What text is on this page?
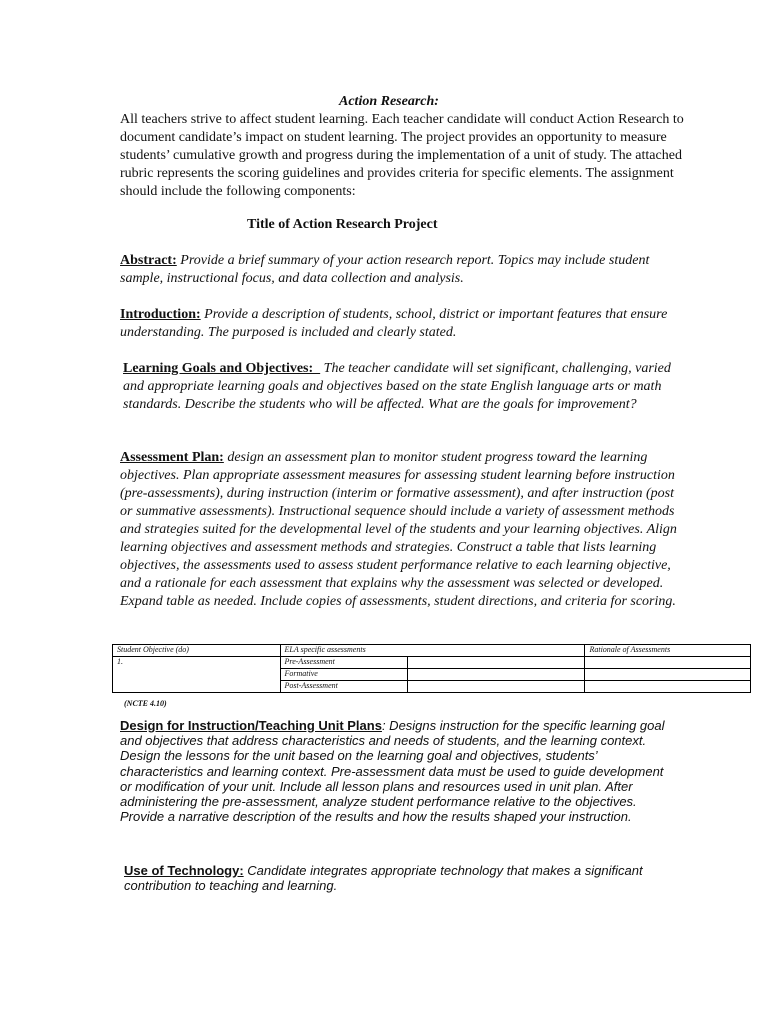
Action Research:
All teachers strive to affect student learning. Each teacher candidate will conduct Action Research to document candidate’s impact on student learning. The project provides an opportunity to measure students’ cumulative growth and progress during the implementation of a unit of study. The attached rubric represents the scoring guidelines and provides criteria for specific elements. The assignment should include the following components:
Title of Action Research Project
Abstract: Provide a brief summary of your action research report. Topics may include student sample, instructional focus, and data collection and analysis.
Introduction: Provide a description of students, school, district or important features that ensure understanding. The purposed is included and clearly stated.
Learning Goals and Objectives:   The teacher candidate will set significant, challenging, varied and appropriate learning goals and objectives based on the state English language arts or math standards. Describe the students who will be affected. What are the goals for improvement?
Assessment Plan: design an assessment plan to monitor student progress toward the learning objectives. Plan appropriate assessment measures for assessing student learning before instruction (pre-assessments), during instruction (interim or formative assessment), and after instruction (post or summative assessments). Instructional sequence should include a variety of assessment methods and strategies suited for the developmental level of the students and your learning objectives. Align learning objectives and assessment methods and strategies. Construct a table that lists learning objectives, the assessments used to assess student performance relative to each learning objective, and a rationale for each assessment that explains why the assessment was selected or developed. Expand table as needed. Include copies of assessments, student directions, and criteria for scoring.
Student Objective (do)	ELA specific assessments		Rationale of Assessments
1.	Pre-Assessment		
	Formative		
	Post-Assessment		
(NCTE 4.10)
Design for Instruction/Teaching Unit Plans: Designs instruction for the specific learning goal and objectives that address characteristics and needs of students, and the learning context. Design the lessons for the unit based on the learning goal and objectives, students’ characteristics and learning context. Pre-assessment data must be used to guide development or modification of your unit. Include all lesson plans and resources used in unit plan. After administering the pre-assessment, analyze student performance relative to the objectives. Provide a narrative description of the results and how the results shaped your instruction.
Use of Technology: Candidate integrates appropriate technology that makes a significant contribution to teaching and learning.
